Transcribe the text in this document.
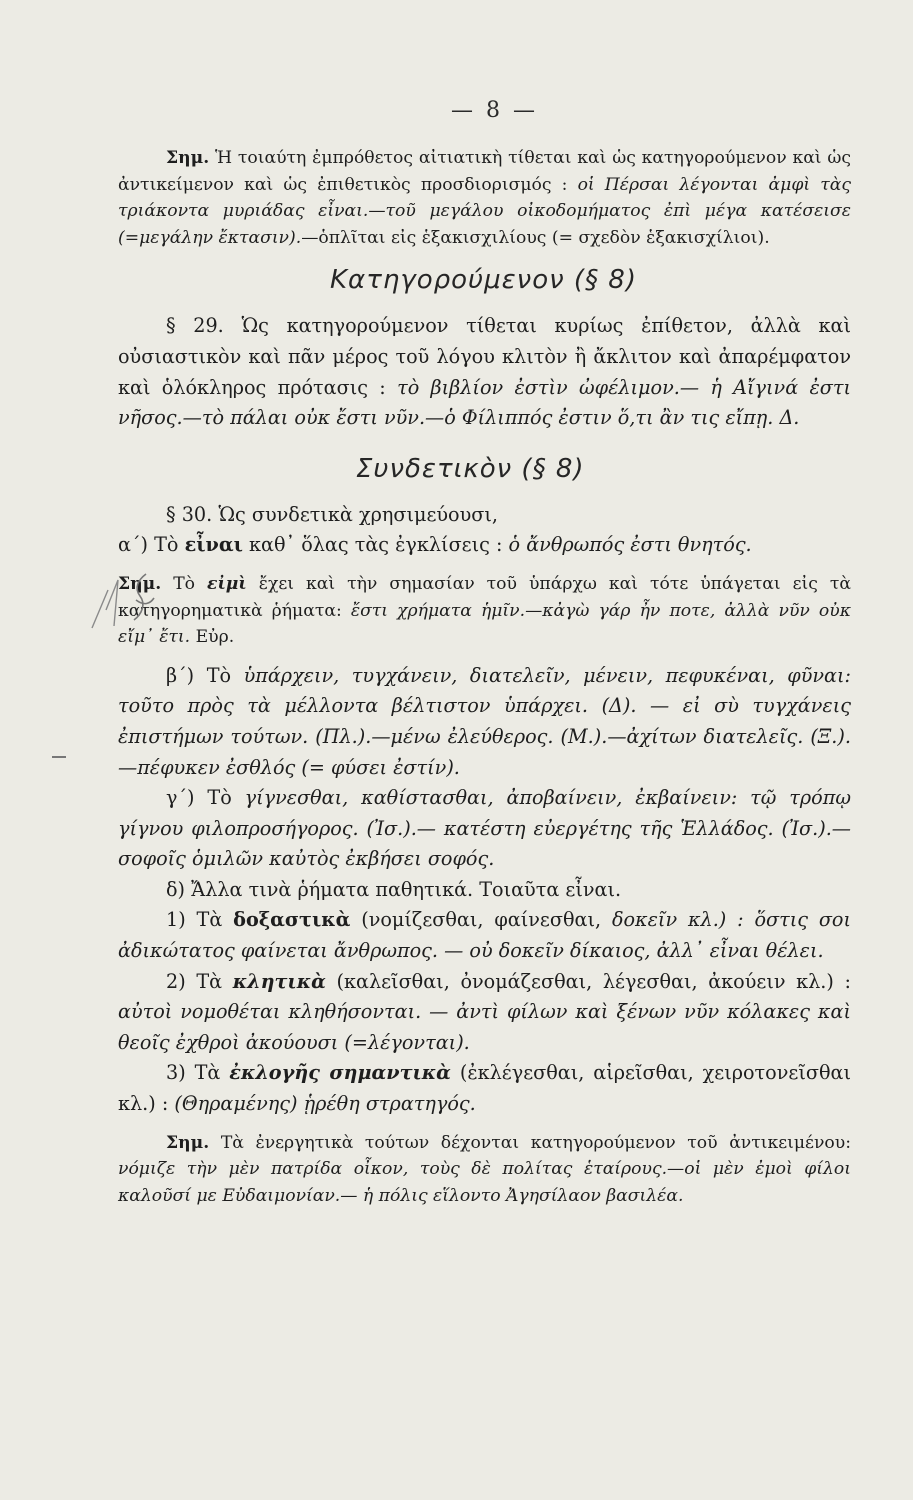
— 8 —

Σημ. Ἡ τοιαύτη ἐμπρόθετος αἰτιατικὴ τίθεται καὶ ὡς κατηγορούμενον καὶ ὡς ἀντικείμενον καὶ ὡς ἐπιθετικὸς προσδιορισμός : οἱ Πέρσαι λέγονται ἀμφὶ τὰς τριάκοντα μυριάδας εἶναι.—τοῦ μεγάλου οἰκοδομήματος ἐπὶ μέγα κατέσεισε (=μεγάλην ἔκτασιν).—ὁπλῖται εἰς ἑξακισχιλίους (= σχεδὸν ἑξακισχίλιοι).

Κατηγορούμενον (§ 8)

§ 29. Ὡς κατηγορούμενον τίθεται κυρίως ἐπίθετον, ἀλλὰ καὶ οὐσιαστικὸν καὶ πᾶν μέρος τοῦ λόγου κλιτὸν ἢ ἄκλιτον καὶ ἀπαρέμφατον καὶ ὁλόκληρος πρότασις : τὸ βιβλίον ἐστὶν ὠφέλιμον.— ἡ Αἴγινά ἐστι νῆσος.—τὸ πάλαι οὐκ ἔστι νῦν.—ὁ Φίλιππός ἐστιν ὅ,τι ἂν τις εἴπῃ. Δ.

Συνδετικὸν (§ 8)

§ 30. Ὡς συνδετικὰ χρησιμεύουσι,

α΄) Τὸ εἶναι καθ᾿ ὅλας τὰς ἐγκλίσεις : ὁ ἄνθρωπός ἐστι θνητός.

Σημ. Τὸ εἰμὶ ἔχει καὶ τὴν σημασίαν τοῦ ὑπάρχω καὶ τότε ὑπάγεται εἰς τὰ κατηγορηματικὰ ῥήματα: ἔστι χρήματα ἡμῖν.—κἀγὼ γάρ ἦν ποτε, ἀλλὰ νῦν οὐκ εἴμ᾿ ἔτι. Εὐρ.

β΄) Τὸ ὑπάρχειν, τυγχάνειν, διατελεῖν, μένειν, πεφυκέναι, φῦναι: τοῦτο πρὸς τὰ μέλλοντα βέλτιστον ὑπάρχει. (Δ). — εἰ σὺ τυγχάνεις ἐπιστήμων τούτων. (Πλ.).—μένω ἐλεύθερος. (Μ.).—ἀχίτων διατελεῖς. (Ξ.). —πέφυκεν ἐσθλός (= φύσει ἐστίν).

γ΄) Τὸ γίγνεσθαι, καθίστασθαι, ἀποβαίνειν, ἐκβαίνειν: τῷ τρόπῳ γίγνου φιλοπροσήγορος. (Ἰσ.).— κατέστη εὐεργέτης τῆς Ἑλλάδος. (Ἰσ.).—σοφοῖς ὁμιλῶν καὐτὸς ἐκβήσει σοφός.

δ) Ἄλλα τινὰ ῥήματα παθητικά. Τοιαῦτα εἶναι.

1) Τὰ δοξαστικὰ (νομίζεσθαι, φαίνεσθαι, δοκεῖν κλ.) : ὅστις σοι ἀδικώτατος φαίνεται ἄνθρωπος. — οὐ δοκεῖν δίκαιος, ἀλλ᾿ εἶναι θέλει.

2) Τὰ κλητικὰ (καλεῖσθαι, ὀνομάζεσθαι, λέγεσθαι, ἀκούειν κλ.) : αὐτοὶ νομοθέται κληθήσονται. — ἀντὶ φίλων καὶ ξένων νῦν κόλακες καὶ θεοῖς ἐχθροὶ ἀκούουσι (=λέγονται).

3) Τὰ ἐκλογῆς σημαντικὰ (ἐκλέγεσθαι, αἱρεῖσθαι, χειροτονεῖσθαι κλ.) : (Θηραμένης) ᾑρέθη στρατηγός.

Σημ. Τὰ ἐνεργητικὰ τούτων δέχονται κατηγορούμενον τοῦ ἀντικειμένου: νόμιζε τὴν μὲν πατρίδα οἶκον, τοὺς δὲ πολίτας ἑταίρους.—οἱ μὲν ἐμοὶ φίλοι καλοῦσί με Εὐδαιμονίαν.— ἡ πόλις εἵλοντο Ἀγησίλαον βασιλέα.
